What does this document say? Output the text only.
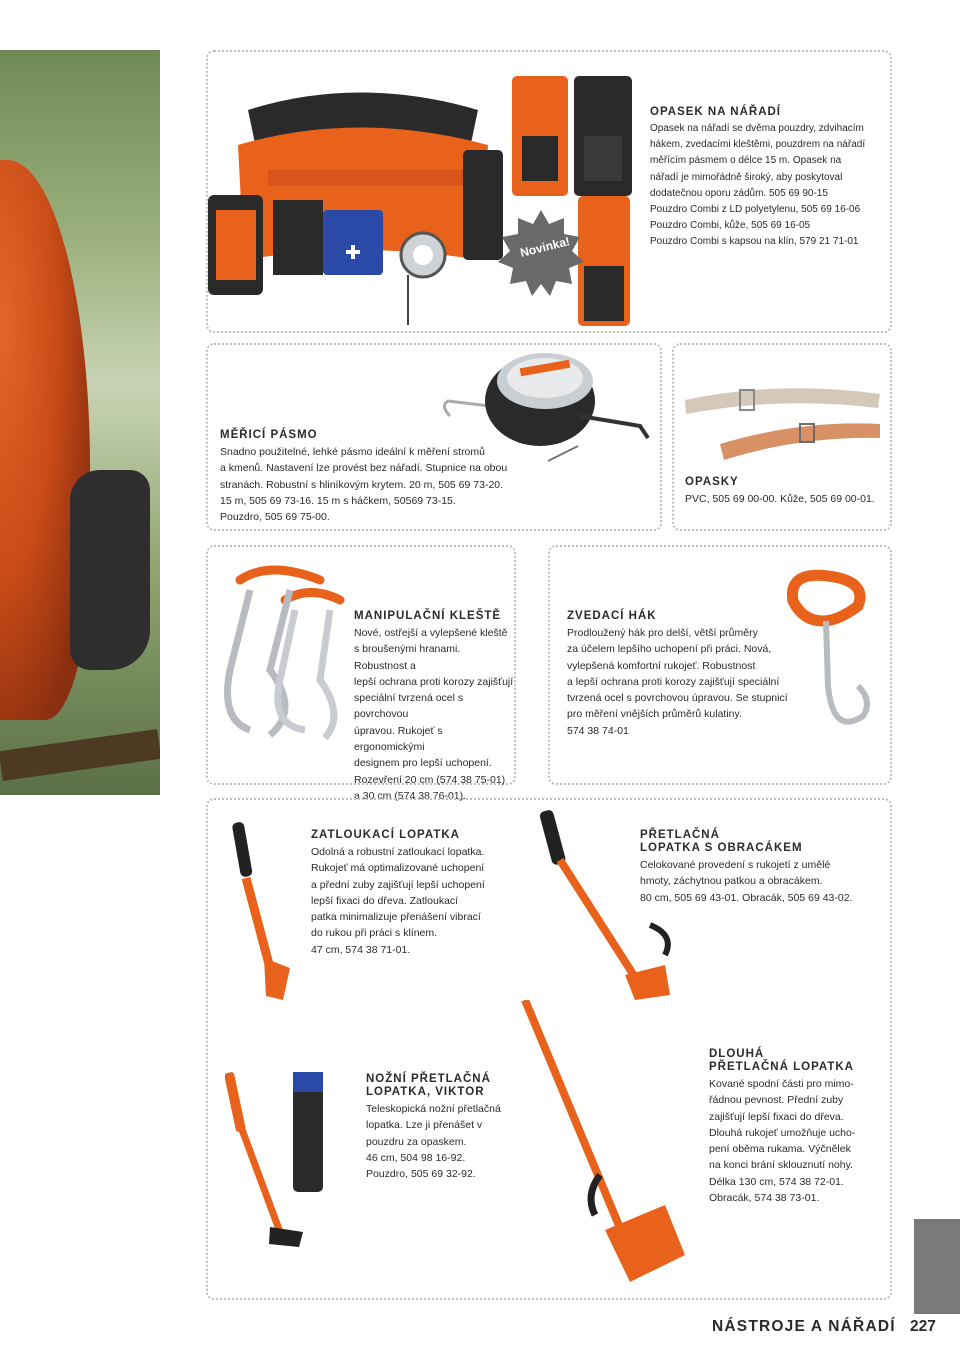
Novinka!
OPASEK NA NÁŘADÍ
Opasek na nářadí se dvěma pouzdry, zdvihacím
hákem, zvedacími kleštěmi, pouzdrem na nářadí
měřícím pásmem o délce 15 m. Opasek na
nářadí je mimořádně široký, aby poskytoval
dodatečnou oporu zádům. 505 69 90-15
Pouzdro Combi z LD polyetylenu, 505 69 16-06
Pouzdro Combi, kůže, 505 69 16-05
Pouzdro Combi s kapsou na klín, 579 21 71-01
MĚŘICÍ PÁSMO
Snadno použitelné, lehké pásmo ideální k měření stromů
a kmenů. Nastavení lze provést bez nářadí. Stupnice na obou
stranách. Robustní s hliníkovým krytem. 20 m, 505 69 73-20.
15 m, 505 69 73-16. 15 m s háčkem, 50569 73-15.
Pouzdro, 505 69 75-00.
OPASKY
PVC, 505 69 00-00. Kůže, 505 69 00-01.
MANIPULAČNÍ KLEŠTĚ
Nové, ostřejší a vylepšené kleště
s broušenými hranami. Robustnost a
lepší ochrana proti korozy zajišťují
speciální tvrzená ocel s povrchovou
úpravou. Rukojeť s ergonomickými
designem pro lepší uchopení.
Rozevření 20 cm (574 38 75-01)
a 30 cm (574 38 76-01).
ZVEDACÍ HÁK
Prodloužený hák pro delší, větší průměry
za účelem lepšího uchopení při práci. Nová,
vylepšená komfortní rukojeť. Robustnost
a lepší ochrana proti korozy zajišťují speciální
tvrzená ocel s povrchovou úpravou. Se stupnicí
pro měření vnějších průměrů kulatiny.
574 38 74-01
ZATLOUKACÍ LOPATKA
Odolná a robustní zatloukací lopatka.
Rukojeť má optimalizované uchopení
a přední zuby zajišťují lepší uchopení
lepší fixaci do dřeva. Zatloukací
patka minimalizuje přenášení vibrací
do rukou při práci s klínem.
47 cm, 574 38 71-01.
PŘETLAČNÁ
LOPATKA S OBRACÁKEM
Celokované provedení s rukojetí z umělé
hmoty, záchytnou patkou a obracákem.
80 cm, 505 69 43-01. Obracák, 505 69 43-02.
DLOUHÁ
PŘETLAČNÁ LOPATKA
Kované spodní části pro mimo-
řádnou pevnost. Přední zuby
zajišťují lepší fixaci do dřeva.
Dlouhá rukojeť umožňuje ucho-
pení oběma rukama. Výčnělek
na konci brání sklouznutí nohy.
Délka 130 cm, 574 38 72-01.
Obracák, 574 38 73-01.
NOŽNÍ PŘETLAČNÁ
LOPATKA, VIKTOR
Teleskopická nožní přetlačná
lopatka. Lze ji přenášet v
pouzdru za opaskem.
46 cm, 504 98 16-92.
Pouzdro, 505 69 32-92.
NÁSTROJE A NÁŘADÍ 227
